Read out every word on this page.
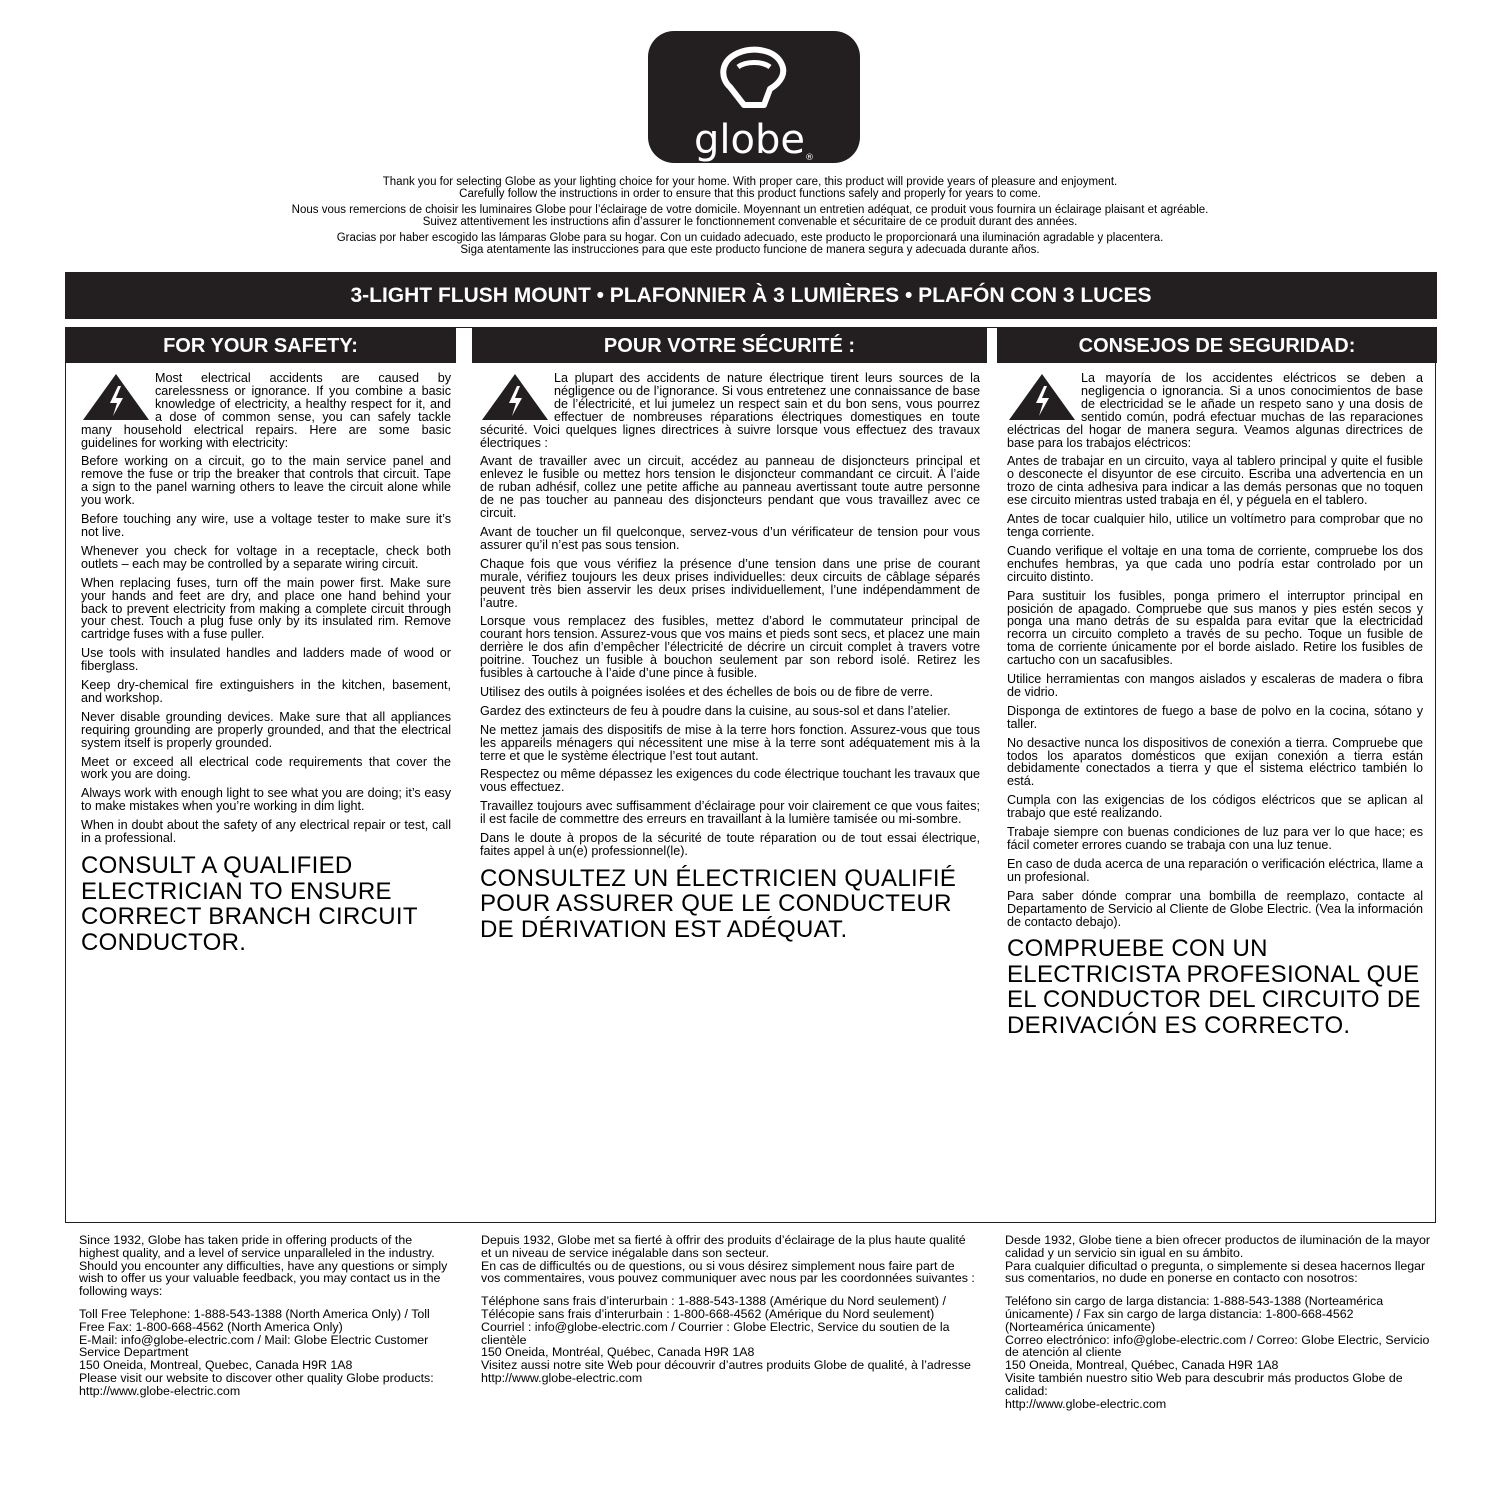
globe®

Thank you for selecting Globe as your lighting choice for your home. With proper care, this product will provide years of pleasure and enjoyment.

Carefully follow the instructions in order to ensure that this product functions safely and properly for years to come.

Nous vous remercions de choisir les luminaires Globe pour l’éclairage de votre domicile. Moyennant un entretien adéquat, ce produit vous fournira un éclairage plaisant et agréable.

Suivez attentivement les instructions afin d’assurer le fonctionnement convenable et sécuritaire de ce produit durant des années.

Gracias por haber escogido las lámparas Globe para su hogar. Con un cuidado adecuado, este producto le proporcionará una iluminación agradable y placentera.

Siga atentamente las instrucciones para que este producto funcione de manera segura y adecuada durante años.

3-LIGHT FLUSH MOUNT • PLAFONNIER À 3 LUMIÈRES • PLAFÓN CON 3 LUCES
FOR YOUR SAFETY:	POUR VOTRE SÉCURITÉ :	CONSEJOS DE SEGURIDAD:

Most electrical accidents are caused by carelessness or ignorance. If you combine a basic knowledge of electricity, a healthy respect for it, and a dose of common sense, you can safely tackle many household electrical repairs. Here are some basic guidelines for working with electricity:

Before working on a circuit, go to the main service panel and remove the fuse or trip the breaker that controls that circuit. Tape a sign to the panel warning others to leave the circuit alone while you work.

Before touching any wire, use a voltage tester to make sure it’s not live.

Whenever you check for voltage in a receptacle, check both outlets – each may be controlled by a separate wiring circuit.

When replacing fuses, turn off the main power first. Make sure your hands and feet are dry, and place one hand behind your back to prevent electricity from making a complete circuit through your chest. Touch a plug fuse only by its insulated rim. Remove cartridge fuses with a fuse puller.

Use tools with insulated handles and ladders made of wood or fiberglass.

Keep dry-chemical fire extinguishers in the kitchen, basement, and workshop.

Never disable grounding devices. Make sure that all appliances requiring grounding are properly grounded, and that the electrical system itself is properly grounded.

Meet or exceed all electrical code requirements that cover the work you are doing.

Always work with enough light to see what you are doing; it’s easy to make mistakes when you’re working in dim light.

When in doubt about the safety of any electrical repair or test, call in a professional.

CONSULT A QUALIFIED ELECTRICIAN TO ENSURE CORRECT BRANCH CIRCUIT CONDUCTOR.

La plupart des accidents de nature électrique tirent leurs sources de la négligence ou de l’ignorance. Si vous entretenez une connaissance de base de l’électricité, et lui jumelez un respect sain et du bon sens, vous pourrez effectuer de nombreuses réparations électriques domestiques en toute sécurité. Voici quelques lignes directrices à suivre lorsque vous effectuez des travaux électriques :

Avant de travailler avec un circuit, accédez au panneau de disjoncteurs principal et enlevez le fusible ou mettez hors tension le disjoncteur commandant ce circuit. À l’aide de ruban adhésif, collez une petite affiche au panneau avertissant toute autre personne de ne pas toucher au panneau des disjoncteurs pendant que vous travaillez avec ce circuit.

Avant de toucher un fil quelconque, servez-vous d’un vérificateur de tension pour vous assurer qu’il n’est pas sous tension.

Chaque fois que vous vérifiez la présence d’une tension dans une prise de courant murale, vérifiez toujours les deux prises individuelles: deux circuits de câblage séparés peuvent très bien asservir les deux prises individuellement, l’une indépendamment de l’autre.

Lorsque vous remplacez des fusibles, mettez d’abord le commutateur principal de courant hors tension. Assurez-vous que vos mains et pieds sont secs, et placez une main derrière le dos afin d’empêcher l’électricité de décrire un circuit complet à travers votre poitrine. Touchez un fusible à bouchon seulement par son rebord isolé. Retirez les fusibles à cartouche à l’aide d’une pince à fusible.

Utilisez des outils à poignées isolées et des échelles de bois ou de fibre de verre.

Gardez des extincteurs de feu à poudre dans la cuisine, au sous-sol et dans l’atelier.

Ne mettez jamais des dispositifs de mise à la terre hors fonction. Assurez-vous que tous les appareils ménagers qui nécessitent une mise à la terre sont adéquatement mis à la terre et que le système électrique l’est tout autant.

Respectez ou même dépassez les exigences du code électrique touchant les travaux que vous effectuez.

Travaillez toujours avec suffisamment d’éclairage pour voir clairement ce que vous faites; il est facile de commettre des erreurs en travaillant à la lumière tamisée ou mi-sombre.

Dans le doute à propos de la sécurité de toute réparation ou de tout essai électrique, faites appel à un(e) professionnel(le).

CONSULTEZ UN ÉLECTRICIEN QUALIFIÉ POUR ASSURER QUE LE CONDUCTEUR DE DÉRIVATION EST ADÉQUAT.

La mayoría de los accidentes eléctricos se deben a negligencia o ignorancia. Si a unos conocimientos de base de electricidad se le añade un respeto sano y una dosis de sentido común, podrá efectuar muchas de las reparaciones eléctricas del hogar de manera segura. Veamos algunas directrices de base para los trabajos eléctricos:

Antes de trabajar en un circuito, vaya al tablero principal y quite el fusible o desconecte el disyuntor de ese circuito. Escriba una advertencia en un trozo de cinta adhesiva para indicar a las demás personas que no toquen ese circuito mientras usted trabaja en él, y péguela en el tablero.

Antes de tocar cualquier hilo, utilice un voltímetro para comprobar que no tenga corriente.

Cuando verifique el voltaje en una toma de corriente, compruebe los dos enchufes hembras, ya que cada uno podría estar controlado por un circuito distinto.

Para sustituir los fusibles, ponga primero el interruptor principal en posición de apagado. Compruebe que sus manos y pies estén secos y ponga una mano detrás de su espalda para evitar que la electricidad recorra un circuito completo a través de su pecho. Toque un fusible de toma de corriente únicamente por el borde aislado. Retire los fusibles de cartucho con un sacafusibles.

Utilice herramientas con mangos aislados y escaleras de madera o fibra de vidrio.

Disponga de extintores de fuego a base de polvo en la cocina, sótano y taller.

No desactive nunca los dispositivos de conexión a tierra. Compruebe que todos los aparatos domésticos que exijan conexión a tierra están debidamente conectados a tierra y que el sistema eléctrico también lo está.

Cumpla con las exigencias de los códigos eléctricos que se aplican al trabajo que esté realizando.

Trabaje siempre con buenas condiciones de luz para ver lo que hace; es fácil cometer errores cuando se trabaja con una luz tenue.

En caso de duda acerca de una reparación o verificación eléctrica, llame a un profesional.

Para saber dónde comprar una bombilla de reemplazo, contacte al Departamento de Servicio al Cliente de Globe Electric. (Vea la información de contacto debajo).

COMPRUEBE CON UN ELECTRICISTA PROFESIONAL QUE EL CONDUCTOR DEL CIRCUITO DE DERIVACIÓN ES CORRECTO.

Since 1932, Globe has taken pride in offering products of the highest quality, and a level of service unparalleled in the industry.
Should you encounter any difficulties, have any questions or simply wish to offer us your valuable feedback, you may contact us in the following ways:

Toll Free Telephone: 1-888-543-1388 (North America Only) / Toll Free Fax: 1-800-668-4562 (North America Only)
E-Mail: info@globe-electric.com / Mail: Globe Electric Customer Service Department
150 Oneida, Montreal, Quebec, Canada H9R 1A8
Please visit our website to discover other quality Globe products: http://www.globe-electric.com

Depuis 1932, Globe met sa fierté à offrir des produits d’éclairage de la plus haute qualité et un niveau de service inégalable dans son secteur.
En cas de difficultés ou de questions, ou si vous désirez simplement nous faire part de vos commentaires, vous pouvez communiquer avec nous par les coordonnées suivantes :

Téléphone sans frais d’interurbain : 1-888-543-1388 (Amérique du Nord seulement) / Télécopie sans frais d’interurbain : 1-800-668-4562 (Amérique du Nord seulement)
Courriel : info@globe-electric.com / Courrier : Globe Electric, Service du soutien de la clientèle
150 Oneida, Montréal, Québec, Canada H9R 1A8
Visitez aussi notre site Web pour découvrir d’autres produits Globe de qualité, à l’adresse http://www.globe-electric.com

Desde 1932, Globe tiene a bien ofrecer productos de iluminación de la mayor calidad y un servicio sin igual en su ámbito.
Para cualquier dificultad o pregunta, o simplemente si desea hacernos llegar sus comentarios, no dude en ponerse en contacto con nosotros:

Teléfono sin cargo de larga distancia: 1-888-543-1388 (Norteamérica únicamente) / Fax sin cargo de larga distancia: 1-800-668-4562 (Norteamérica únicamente)
Correo electrónico: info@globe-electric.com / Correo: Globe Electric, Servicio de atención al cliente
150 Oneida, Montreal, Québec, Canada H9R 1A8
Visite también nuestro sitio Web para descubrir más productos Globe de calidad:
http://www.globe-electric.com
